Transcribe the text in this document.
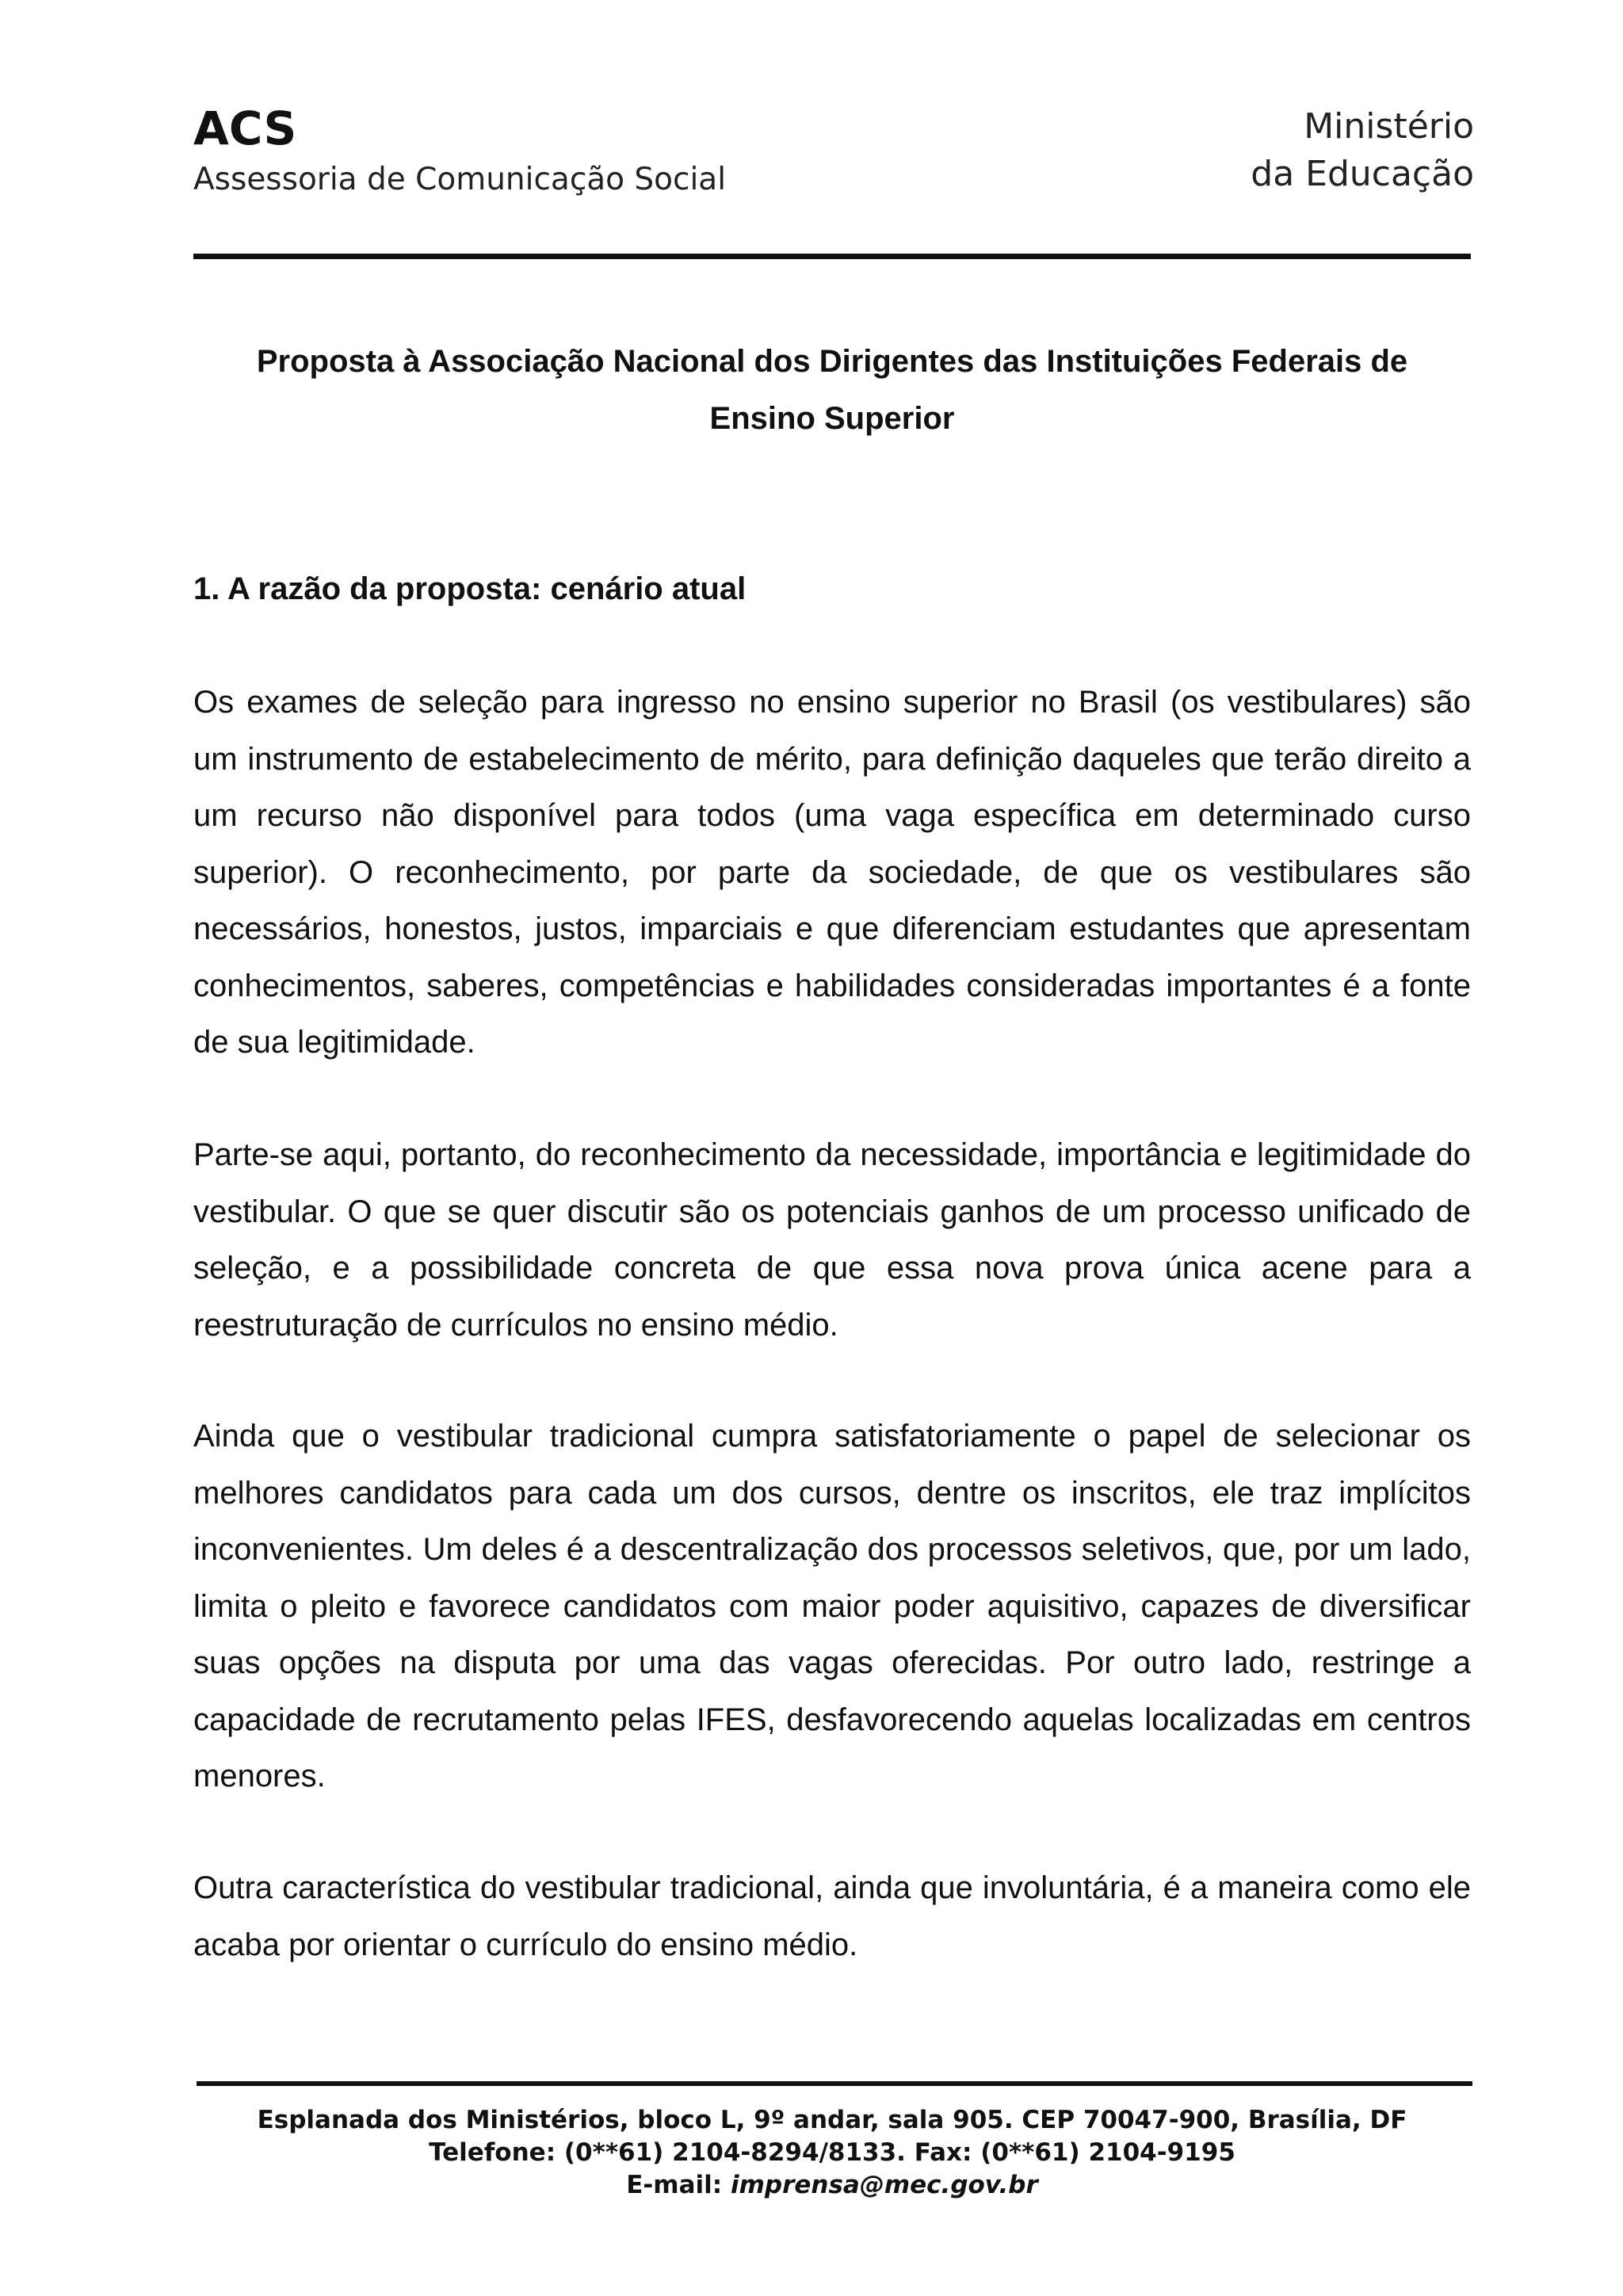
ACS
Assessoria de Comunicação Social
Ministério
da Educação
Proposta à Associação Nacional dos Dirigentes das Instituições Federais de
Ensino Superior
1. A razão da proposta: cenário atual

Os exames de seleção para ingresso no ensino superior no Brasil (os vestibulares) são um instrumento de estabelecimento de mérito, para definição daqueles que terão direito a um recurso não disponível para todos (uma vaga específica em determinado curso superior). O reconhecimento, por parte da sociedade, de que os vestibulares são necessários, honestos, justos, imparciais e que diferenciam estudantes que apresentam conhecimentos, saberes, competências e habilidades consideradas importantes é a fonte de sua legitimidade.

Parte-se aqui, portanto, do reconhecimento da necessidade, importância e legitimidade do vestibular. O que se quer discutir são os potenciais ganhos de um processo unificado de seleção, e a possibilidade concreta de que essa nova prova única acene para a reestruturação de currículos no ensino médio.

Ainda que o vestibular tradicional cumpra satisfatoriamente o papel de selecionar os melhores candidatos para cada um dos cursos, dentre os inscritos, ele traz implícitos inconvenientes. Um deles é a descentralização dos processos seletivos, que, por um lado, limita o pleito e favorece candidatos com maior poder aquisitivo, capazes de diversificar suas opções na disputa por uma das vagas oferecidas. Por outro lado, restringe a capacidade de recrutamento pelas IFES, desfavorecendo aquelas localizadas em centros menores.

Outra característica do vestibular tradicional, ainda que involuntária, é a maneira como ele acaba por orientar o currículo do ensino médio.

Esplanada dos Ministérios, bloco L, 9º andar, sala 905. CEP 70047-900, Brasília, DF
Telefone: (0**61) 2104-8294/8133. Fax: (0**61) 2104-9195
E-mail: imprensa@mec.gov.br
